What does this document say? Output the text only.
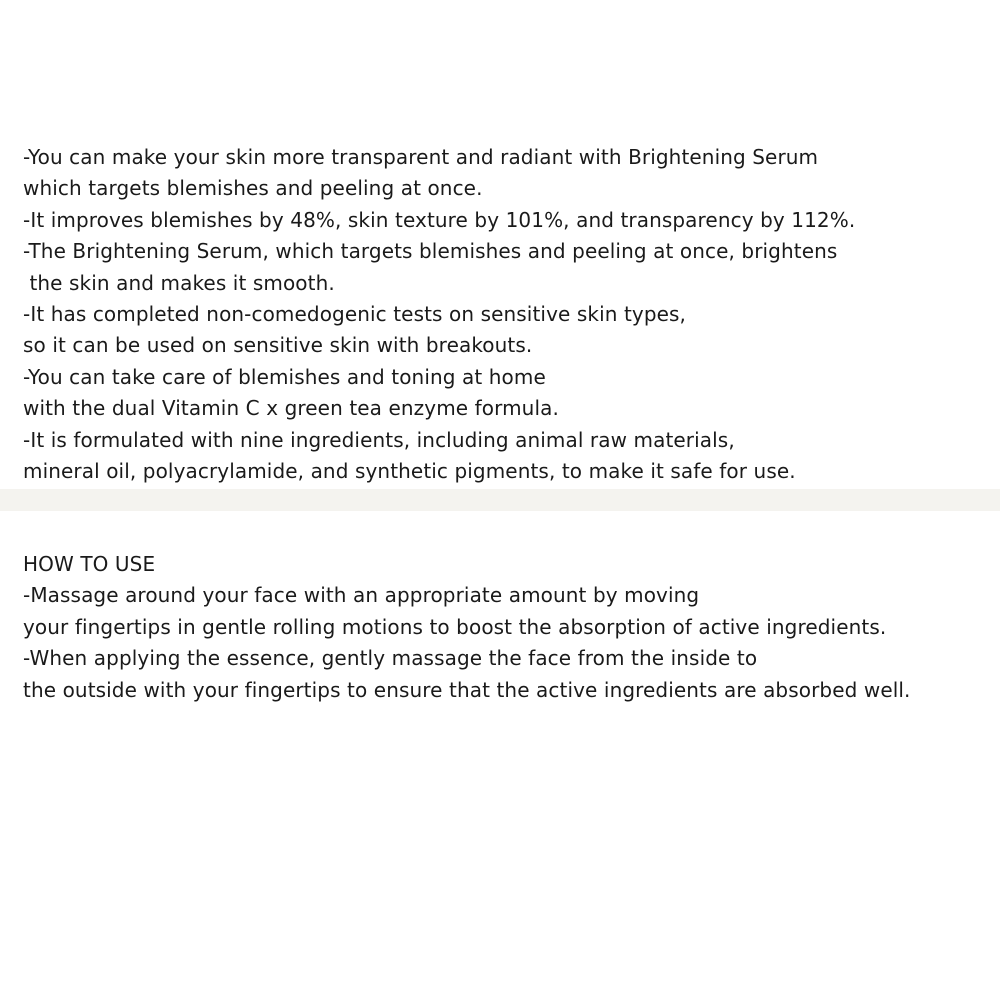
-You can make your skin more transparent and radiant with Brightening Serum
which targets blemishes and peeling at once.
-It improves blemishes by 48%, skin texture by 101%, and transparency by 112%.
-The Brightening Serum, which targets blemishes and peeling at once, brightens
the skin and makes it smooth.
-It has completed non-comedogenic tests on sensitive skin types,
so it can be used on sensitive skin with breakouts.
-You can take care of blemishes and toning at home
with the dual Vitamin C x green tea enzyme formula.
-It is formulated with nine ingredients, including animal raw materials,
mineral oil, polyacrylamide, and synthetic pigments, to make it safe for use.
HOW TO USE
-Massage around your face with an appropriate amount by moving
your fingertips in gentle rolling motions to boost the absorption of active ingredients.
-When applying the essence, gently massage the face from the inside to
the outside with your fingertips to ensure that the active ingredients are absorbed well.
